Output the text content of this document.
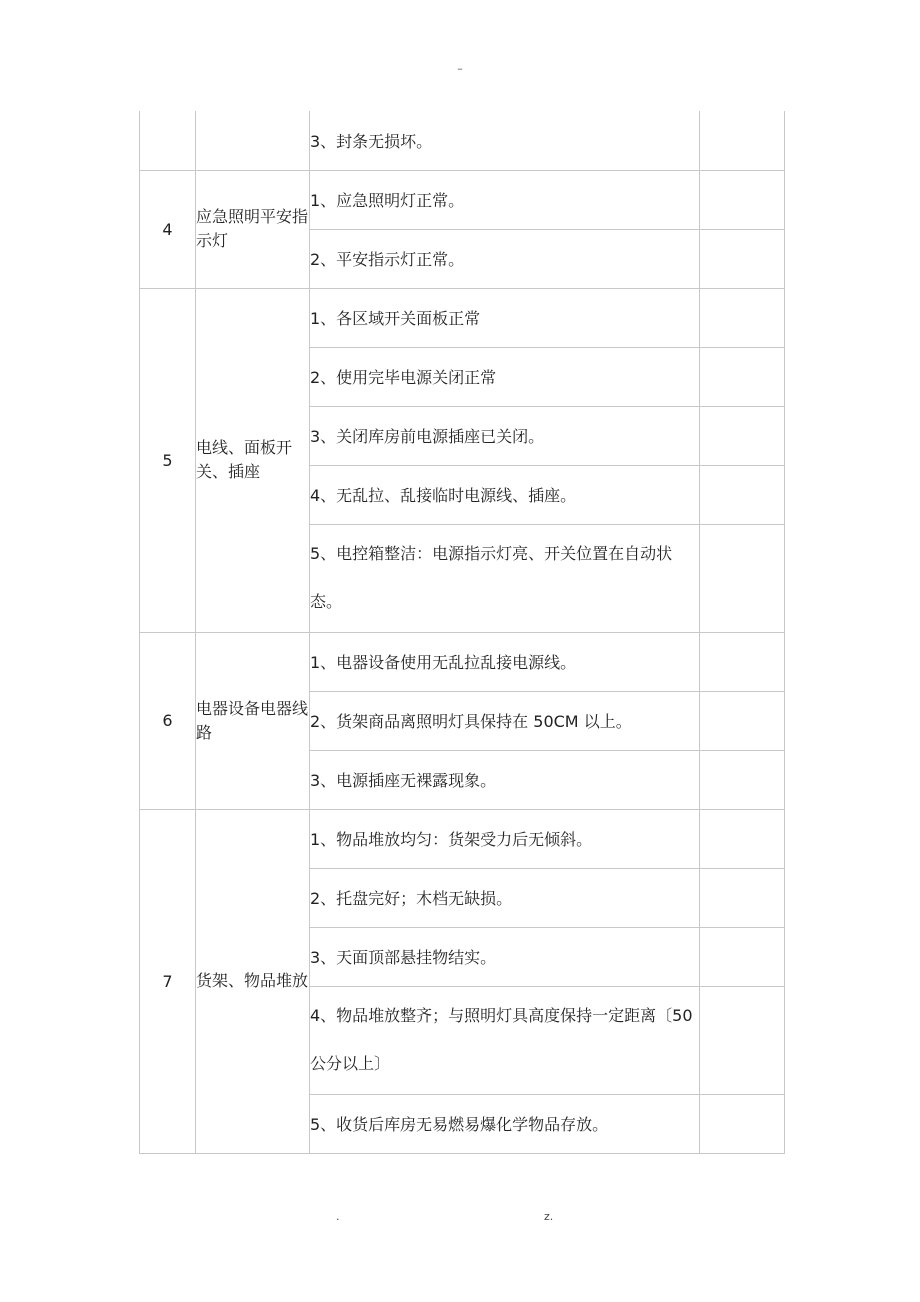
–
		3、封条无损坏。	
4	应急照明平安指示灯	1、应急照明灯正常。	
		2、平安指示灯正常。	
5	电线、面板开关、插座	1、各区域开关面板正常	
		2、使用完毕电源关闭正常	
		3、关闭库房前电源插座已关闭。	
		4、无乱拉、乱接临时电源线、插座。	
		5、电控箱整洁：电源指示灯亮、开关位置在自动状态。	
6	电器设备电器线路	1、电器设备使用无乱拉乱接电源线。	
		2、货架商品离照明灯具保持在 50CM 以上。	
		3、电源插座无裸露现象。	
7	货架、物品堆放	1、物品堆放均匀：货架受力后无倾斜。	
		2、托盘完好；木档无缺损。	
		3、天面顶部悬挂物结实。	
		4、物品堆放整齐；与照明灯具高度保持一定距离〔50 公分以上〕	
		5、收货后库房无易燃易爆化学物品存放。	
.	z.
